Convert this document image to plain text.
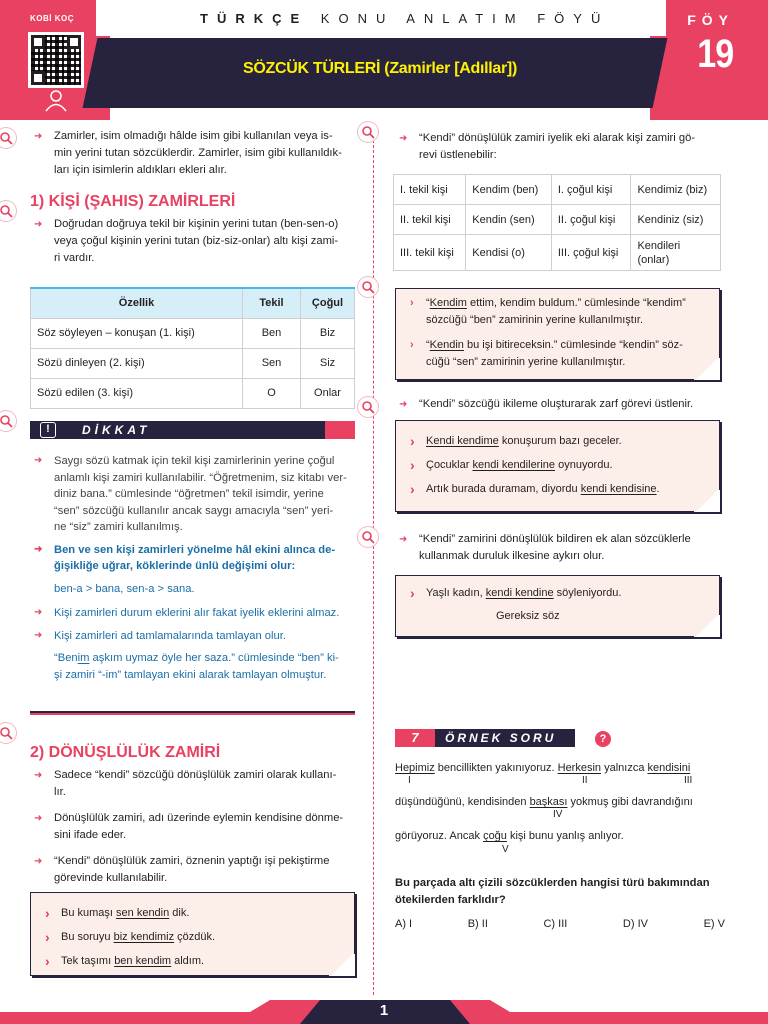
KOBİ KOÇ	TÜRKÇE KONU ANLATIM FÖYÜ	FÖY
19
SÖZCÜK TÜRLERİ (Zamirler [Adıllar])
➜ Zamirler, isim olmadığı hâlde isim gibi kullanılan veya is-
min yerini tutan sözcüklerdir. Zamirler, isim gibi kullanıldık-
ları için isimlerin aldıkları ekleri alır.
1) KİŞİ (ŞAHIS) ZAMİRLERİ
➜ Doğrudan doğruya tekil bir kişinin yerini tutan (ben-sen-o)
veya çoğul kişinin yerini tutan (biz-siz-onlar) altı kişi zami-
ri vardır.
Özellik	Tekil	Çoğul
Söz söyleyen – konuşan (1. kişi)	Ben	Biz
Sözü dinleyen (2. kişi)	Sen	Siz
Sözü edilen (3. kişi)	O	Onlar
!	DİKKAT
➜ Saygı sözü katmak için tekil kişi zamirlerinin yerine çoğul
anlamlı kişi zamiri kullanılabilir. “Öğretmenim, siz kitabı ver-
diniz bana.” cümlesinde “öğretmen” tekil isimdir, yerine
“sen” sözcüğü kullanılır ancak saygı amacıyla “sen” yeri-
ne “siz” zamiri kullanılmış.
➜ Ben ve sen kişi zamirleri yönelme hâl ekini alınca de-
ğişikliğe uğrar, köklerinde ünlü değişimi olur:
ben-a > bana, sen-a > sana.
➜ Kişi zamirleri durum eklerini alır fakat iyelik eklerini almaz.
➜ Kişi zamirleri ad tamlamalarında tamlayan olur.
“Benim aşkım uymaz öyle her saza.” cümlesinde “ben” ki-
şi zamiri “-im” tamlayan ekini alarak tamlayan olmuştur.
2) DÖNÜŞLÜLÜK ZAMİRİ
➜ Sadece “kendi” sözcüğü dönüşlülük zamiri olarak kullanı-
lır.
➜ Dönüşlülük zamiri, adı üzerinde eylemin kendisine dönme-
sini ifade eder.
➜ “Kendi” dönüşlülük zamiri, öznenin yaptığı işi pekiştirme
görevinde kullanılabilir.
› Bu kumaşı sen kendin dik.
› Bu soruyu biz kendimiz çözdük.
› Tek taşımı ben kendim aldım.
➜ “Kendi” dönüşlülük zamiri iyelik eki alarak kişi zamiri gö-
revi üstlenebilir:
I. tekil kişi	Kendim (ben)	I. çoğul kişi	Kendimiz (biz)
II. tekil kişi	Kendin (sen)	II. çoğul kişi	Kendiniz (siz)
III. tekil kişi	Kendisi (o)	III. çoğul kişi	Kendileri
(onlar)
› “Kendim ettim, kendim buldum.” cümlesinde “kendim”
sözcüğü “ben” zamirinin yerine kullanılmıştır.
› “Kendin bu işi bitireceksin.” cümlesinde “kendin” söz-
cüğü “sen” zamirinin yerine kullanılmıştır.
➜ “Kendi” sözcüğü ikileme oluşturarak zarf görevi üstlenir.
› Kendi kendime konuşurum bazı geceler.
› Çocuklar kendi kendilerine oynuyordu.
› Artık burada duramam, diyordu kendi kendisine.
➜ “Kendi” zamirini dönüşlülük bildiren ek alan sözcüklerle
kullanmak duruluk ilkesine aykırı olur.
› Yaşlı kadın, kendi kendine söyleniyordu.
Gereksiz söz
7	ÖRNEK SORU	?
Hepimiz bencillikten yakınıyoruz. Herkesin yalnızca kendisini
düşündüğünü, kendisinden başkası yokmuş gibi davrandığını
görüyoruz. Ancak çoğu kişi bunu yanlış anlıyor.
I	II	III
IV
V
Bu parçada altı çizili sözcüklerden hangisi türü bakımından
ötekilerden farklıdır?
A) I	B) II	C) III	D) IV	E) V
1
